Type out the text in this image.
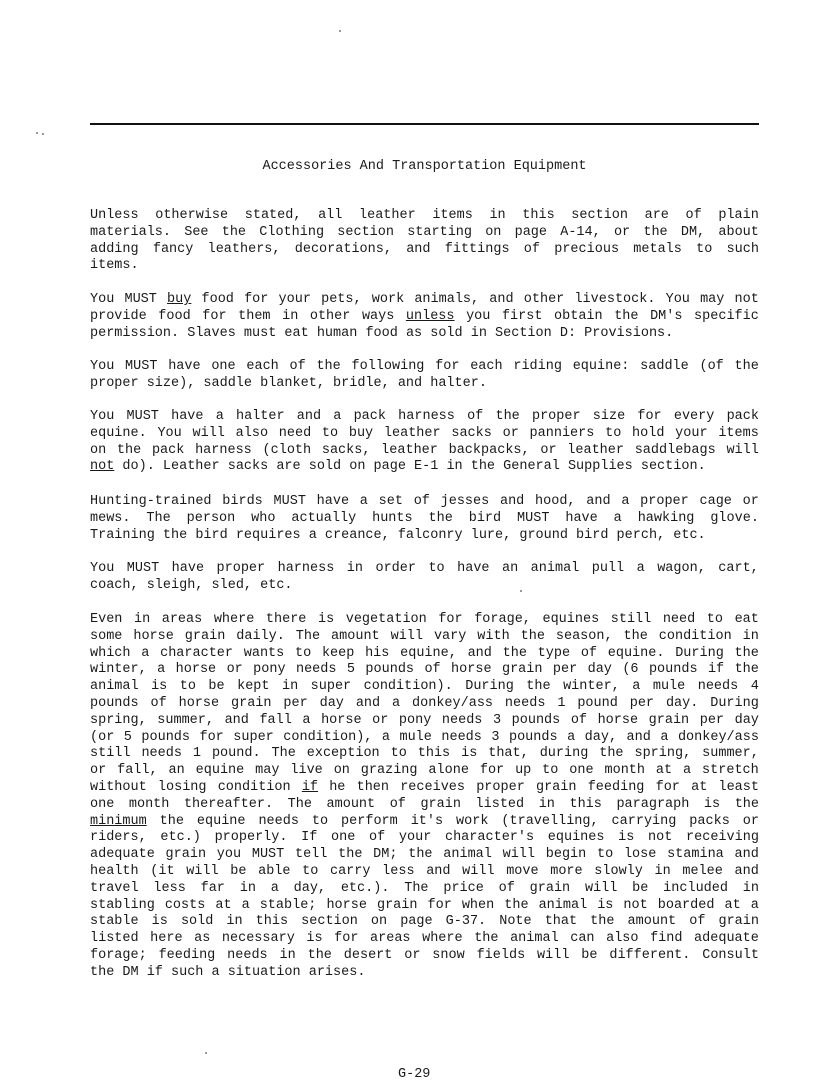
Accessories And Transportation Equipment
Unless otherwise stated, all leather items in this section are of plain
materials. See the Clothing section starting on page A-14, or the DM, about
adding fancy leathers, decorations, and fittings of precious metals to such
items.
You MUST buy food for your pets, work animals, and other livestock. You may not
provide food for them in other ways unless you first obtain the DM's specific
permission. Slaves must eat human food as sold in Section D: Provisions.
You MUST have one each of the following for each riding equine: saddle (of the
proper size), saddle blanket, bridle, and halter.
You MUST have a halter and a pack harness of the proper size for every pack
equine. You will also need to buy leather sacks or panniers to hold your items
on the pack harness (cloth sacks, leather backpacks, or leather saddlebags will
not do). Leather sacks are sold on page E-1 in the General Supplies section.
Hunting-trained birds MUST have a set of jesses and hood, and a proper cage or
mews. The person who actually hunts the bird MUST have a hawking glove.
Training the bird requires a creance, falconry lure, ground bird perch, etc.
You MUST have proper harness in order to have an animal pull a wagon, cart,
coach, sleigh, sled, etc.
Even in areas where there is vegetation for forage, equines still need to eat
some horse grain daily. The amount will vary with the season, the condition in
which a character wants to keep his equine, and the type of equine. During the
winter, a horse or pony needs 5 pounds of horse grain per day (6 pounds if the
animal is to be kept in super condition). During the winter, a mule needs 4
pounds of horse grain per day and a donkey/ass needs 1 pound per day. During
spring, summer, and fall a horse or pony needs 3 pounds of horse grain per day
(or 5 pounds for super condition), a mule needs 3 pounds a day, and a donkey/ass
still needs 1 pound. The exception to this is that, during the spring, summer,
or fall, an equine may live on grazing alone for up to one month at a stretch
without losing condition if he then receives proper grain feeding for at least
one month thereafter. The amount of grain listed in this paragraph is the
minimum the equine needs to perform it's work (travelling, carrying packs or
riders, etc.) properly. If one of your character's equines is not receiving
adequate grain you MUST tell the DM; the animal will begin to lose stamina and
health (it will be able to carry less and will move more slowly in melee and
travel less far in a day, etc.). The price of grain will be included in
stabling costs at a stable; horse grain for when the animal is not boarded at a
stable is sold in this section on page G-37. Note that the amount of grain
listed here as necessary is for areas where the animal can also find adequate
forage; feeding needs in the desert or snow fields will be different. Consult
the DM if such a situation arises.
G-29
